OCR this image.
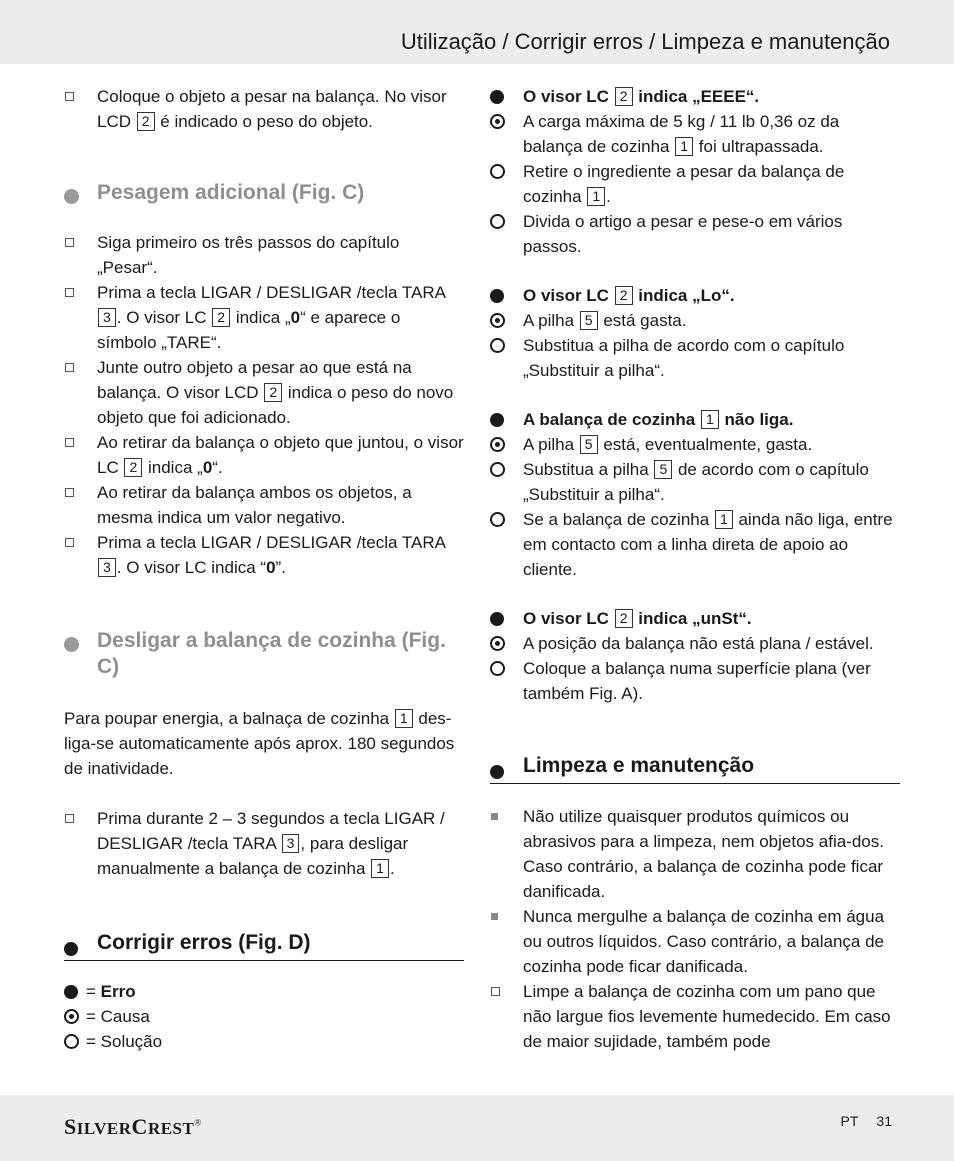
Utilização / Corrigir erros / Limpeza e manutenção
Coloque o objeto a pesar na balança. No visor LCD 2 é indicado o peso do objeto.
Pesagem adicional (Fig. C)
Siga primeiro os três passos do capítulo „Pesar“.
Prima a tecla LIGAR / DESLIGAR /tecla TARA
3 . O visor LC 2 indica „0“ e aparece o símbolo „TARE“.
Junte outro objeto a pesar ao que está na balança. O visor LCD 2 indica o peso do novo objeto que foi adicionado.
Ao retirar da balança o objeto que juntou, o visor LC 2 indica „0“.
Ao retirar da balança ambos os objetos, a mesma indica um valor negativo.
Prima a tecla LIGAR / DESLIGAR /tecla TARA 3 . O visor LC indica “0”.
Desligar a balança de cozinha (Fig. C)
Para poupar energia, a balnaça de cozinha 1 des-liga-se automaticamente após aprox. 180 segundos de inatividade.
Prima durante 2 – 3 segundos a tecla LIGAR / DESLIGAR /tecla TARA 3 , para desligar manualmente a balança de cozinha 1 .
Corrigir erros (Fig. D)
= Erro
= Causa
= Solução
O visor LC 2 indica „EEEE“.
A carga máxima de 5 kg / 11 lb 0,36 oz da balança de cozinha 1 foi ultrapassada.
Retire o ingrediente a pesar da balança de cozinha 1 .
Divida o artigo a pesar e pese-o em vários passos.
O visor LC 2 indica „Lo“.
A pilha 5 está gasta.
Substitua a pilha de acordo com o capítulo „Substituir a pilha“.
A balança de cozinha 1 não liga.
A pilha 5 está, eventualmente, gasta.
Substitua a pilha 5 de acordo com o capítulo „Substituir a pilha“.
Se a balança de cozinha 1 ainda não liga, entre em contacto com a linha direta de apoio ao cliente.
O visor LC 2 indica „unSt“.
A posição da balança não está plana / estável.
Coloque a balança numa superfície plana (ver também Fig. A).
Limpeza e manutenção
Não utilize quaisquer produtos químicos ou abrasivos para a limpeza, nem objetos afia-dos. Caso contrário, a balança de cozinha pode ficar danificada.
Nunca mergulhe a balança de cozinha em água ou outros líquidos. Caso contrário, a balança de cozinha pode ficar danificada.
Limpe a balança de cozinha com um pano que não largue fios levemente humedecido. Em caso de maior sujidade, também pode
SILVERCREST®	PT 31
